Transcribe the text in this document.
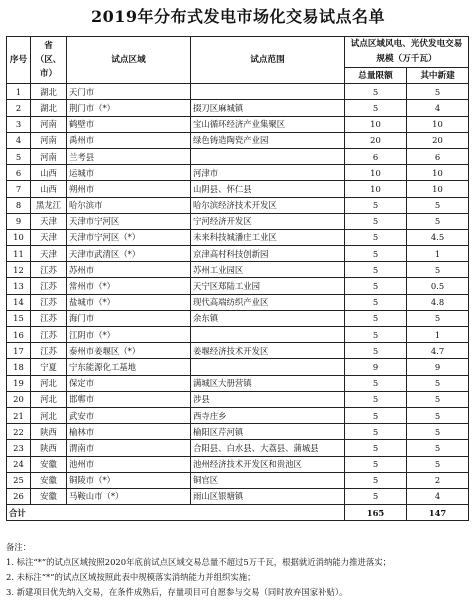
2019年分布式发电市场化交易试点名单
序号	省（区、市）	试点区域	试点范围	试点区域风电、光伏发电交易规模（万千瓦）	
				总量限额	其中新建
1	湖北	天门市		5	5
2	湖北	荆门市（*）	掇刀区麻城镇	5	4
3	河南	鹤壁市	宝山循环经济产业集聚区	10	10
4	河南	禹州市	绿色铸造陶瓷产业园	20	20
5	河南	兰考县		6	6
6	山西	运城市	河津市	10	10
7	山西	朔州市	山阴县、怀仁县	10	10
8	黑龙江	哈尔滨市	哈尔滨经济技术开发区	5	5
9	天津	天津市宁河区	宁河经济开发区	5	5
10	天津	天津市宁河区（*）	未来科技城潘庄工业区	5	4.5
11	天津	天津市武清区（*）	京津高村科技创新园	5	1
12	江苏	苏州市	苏州工业园区	5	5
13	江苏	常州市（*）	天宁区郑陆工业园	5	0.5
14	江苏	盐城市（*）	现代高端纺织产业区	5	4.8
15	江苏	海门市	余东镇	5	5
16	江苏	江阴市（*）		5	1
17	江苏	泰州市姜堰区（*）	姜堰经济技术开发区	5	4.7
18	宁夏	宁东能源化工基地		9	9
19	河北	保定市	满城区大册营镇	5	5
20	河北	邯郸市	涉县	5	5
21	河北	武安市	西寺庄乡	5	5
22	陕西	榆林市	榆阳区芹河镇	5	5
23	陕西	渭南市	合阳县、白水县、大荔县、蒲城县	5	5
24	安徽	池州市	池州经济技术开发区和贵池区	5	5
25	安徽	铜陵市（*）	铜官区	5	2
26	安徽	马鞍山市（*）	雨山区银塘镇	5	4
合计				165	147
备注：
1. 标注“*”的试点区域按照2020年底前试点区域交易总量不超过5万千瓦，根据就近消纳能力推进落实；
2. 未标注“*”的试点区域按照此表中规模落实消纳能力并组织实施；
3. 新建项目优先纳入交易，在条件成熟后，存量项目可自愿参与交易（同时放弃国家补贴）。
